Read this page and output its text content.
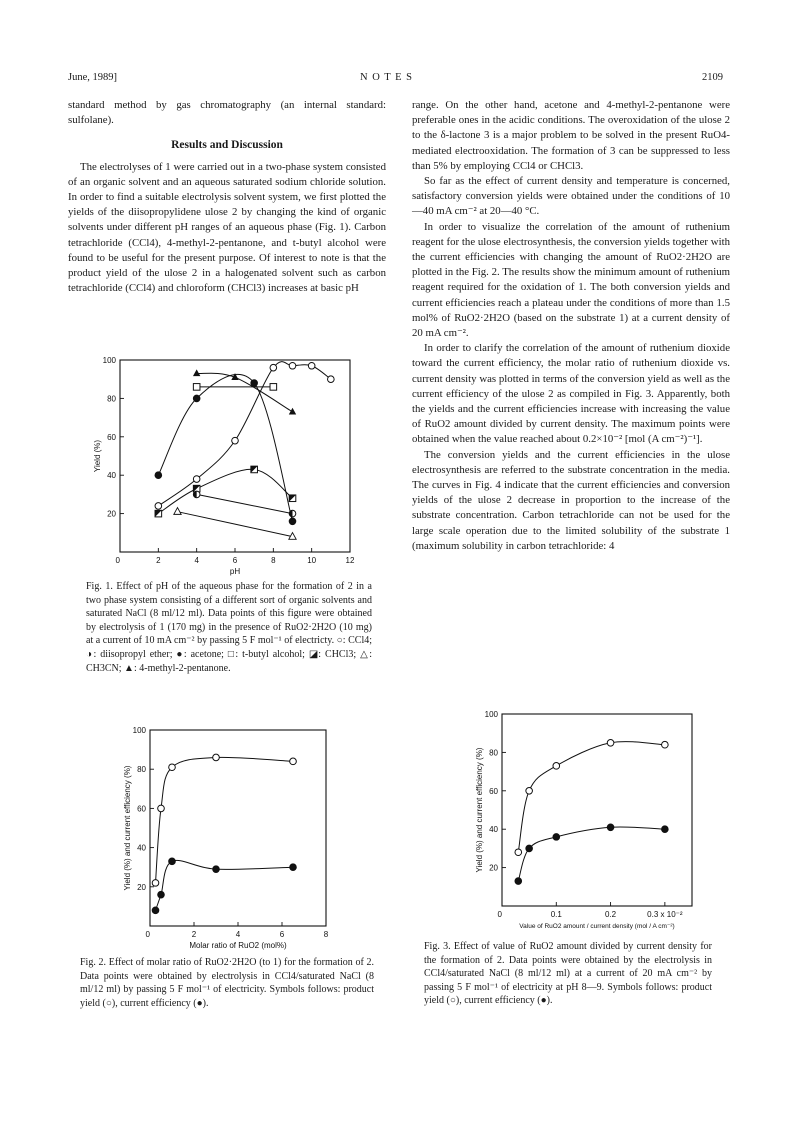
June, 1989]	N O T E S	2109

standard method by gas chromatography (an internal standard: sulfolane).

Results and Discussion

The electrolyses of 1 were carried out in a two-phase system consisted of an organic solvent and an aqueous saturated sodium chloride solution. In order to find a suitable electrolysis solvent system, we first plotted the yields of the diisopropylidene ulose 2 by changing the kind of organic solvents under different pH ranges of an aqueous phase (Fig. 1). Carbon tetrachloride (CCl4), 4-methyl-2-pentanone, and t-butyl alcohol were found to be useful for the present purpose. Of interest to note is that the product yield of the ulose 2 in a halogenated solvent such as carbon tetrachloride (CCl4) and chloroform (CHCl3) increases at basic pH

range. On the other hand, acetone and 4-methyl-2-pentanone were preferable ones in the acidic conditions. The overoxidation of the ulose 2 to the δ-lactone 3 is a major problem to be solved in the present RuO4-mediated electrooxidation. The formation of 3 can be suppressed to less than 5% by employing CCl4 or CHCl3.

So far as the effect of current density and temperature is concerned, satisfactory conversion yields were obtained under the conditions of 10—40 mA cm⁻² at 20—40 °C.

In order to visualize the correlation of the amount of ruthenium reagent for the ulose electrosynthesis, the conversion yields together with the current efficiencies with changing the amount of RuO2·2H2O are plotted in the Fig. 2. The results show the minimum amount of ruthenium reagent required for the oxidation of 1. The both conversion yields and current efficiencies reach a plateau under the conditions of more than 1.5 mol% of RuO2·2H2O (based on the substrate 1) at a current density of 20 mA cm⁻².

In order to clarify the correlation of the amount of ruthenium dioxide toward the current efficiency, the molar ratio of ruthenium dioxide vs. current density was plotted in terms of the conversion yield as well as the current efficiency of the ulose 2 as compiled in Fig. 3. Apparently, both the yields and the current efficiencies increase with increasing the value of RuO2 amount divided by current density. The maximum points were obtained when the value reached about 0.2×10⁻² [mol (A cm⁻²)⁻¹].

The conversion yields and the current efficiencies in the ulose electrosynthesis are referred to the substrate concentration in the media. The curves in Fig. 4 indicate that the current efficiencies and conversion yields of the ulose 2 decrease in proportion to the increase of the substrate concentration. Carbon tetrachloride can not be used for the large scale operation due to the limited solubility of the substrate 1 (maximum solubility in carbon tetrachloride: 4

20
40
60
80
100
0	2	4	6	8	10	12
pH
Yield (%)
Fig. 1. Effect of pH of the aqueous phase for the formation of 2 in a two phase system consisting of a different sort of organic solvents and saturated NaCl (8 ml/12 ml). Data points of this figure were obtained by electrolysis of 1 (170 mg) in the presence of RuO2·2H2O (10 mg) at a current of 10 mA cm⁻² by passing 5 F mol⁻¹ of electricty. ○: CCl4; ◑: diisopropyl ether; ●: acetone; □: t-butyl alcohol; ◪: CHCl3; △: CH3CN; ▲: 4-methyl-2-pentanone.
20
40
60
80
100
0	2	4	6	8
Molar ratio of RuO2 (mol%)
Yield (%) and current efficiency (%)
Fig. 2. Effect of molar ratio of RuO2·2H2O (to 1) for the formation of 2. Data points were obtained by electrolysis in CCl4/saturated NaCl (8 ml/12 ml) by passing 5 F mol⁻¹ of electricity. Symbols follows: product yield (○), current efficiency (●).
20
40
60
80
100
0	0.1	0.2	0.3 x 10⁻²
Value of RuO2 amount / current density (mol / A cm⁻²)
Yield (%) and current efficiency (%)
Fig. 3. Effect of value of RuO2 amount divided by current density for the formation of 2. Data points were obtained by the electrolysis in CCl4/saturated NaCl (8 ml/12 ml) at a current of 20 mA cm⁻² by passing 5 F mol⁻¹ of electricity at pH 8—9. Symbols follows: product yield (○), current efficiency (●).
